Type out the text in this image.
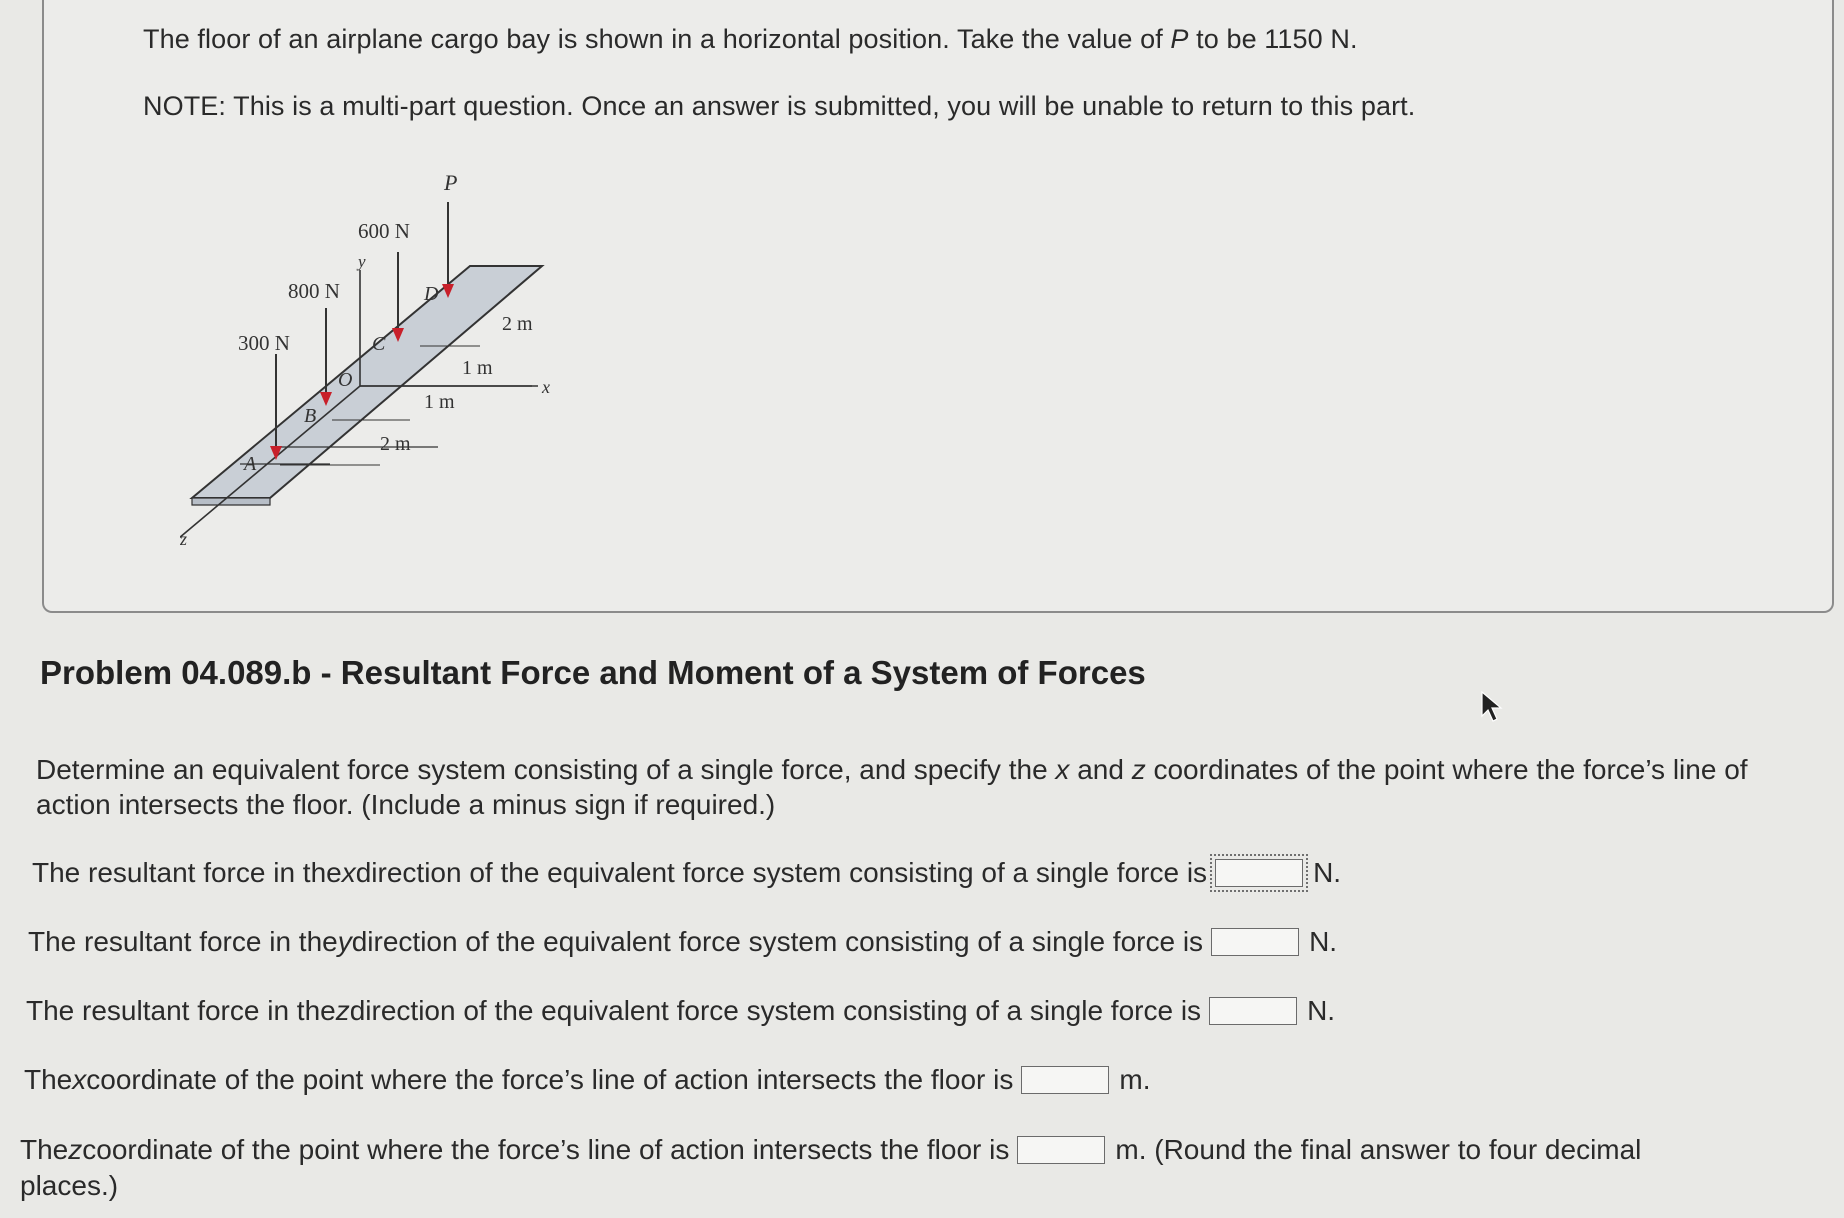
The floor of an airplane cargo bay is shown in a horizontal position. Take the value of P to be 1150 N.
NOTE: This is a multi-part question. Once an answer is submitted, you will be unable to return to this part.
x
z
y
2 m
1 m
1 m
2 m
D
C
O
B
A
P
600 N
800 N
300 N
Problem 04.089.b - Resultant Force and Moment of a System of Forces
Determine an equivalent force system consisting of a single force, and specify the x and z coordinates of the point where the force’s line of action intersects the floor. (Include a minus sign if required.)
The resultant force in the x direction of the equivalent force system consisting of a single force is	N.
The resultant force in the y direction of the equivalent force system consisting of a single force is	N.
The resultant force in the z direction of the equivalent force system consisting of a single force is	N.
The x coordinate of the point where the force’s line of action intersects the floor is	m.
The z coordinate of the point where the force’s line of action intersects the floor is	m. (Round the final answer to four decimal
places.)
